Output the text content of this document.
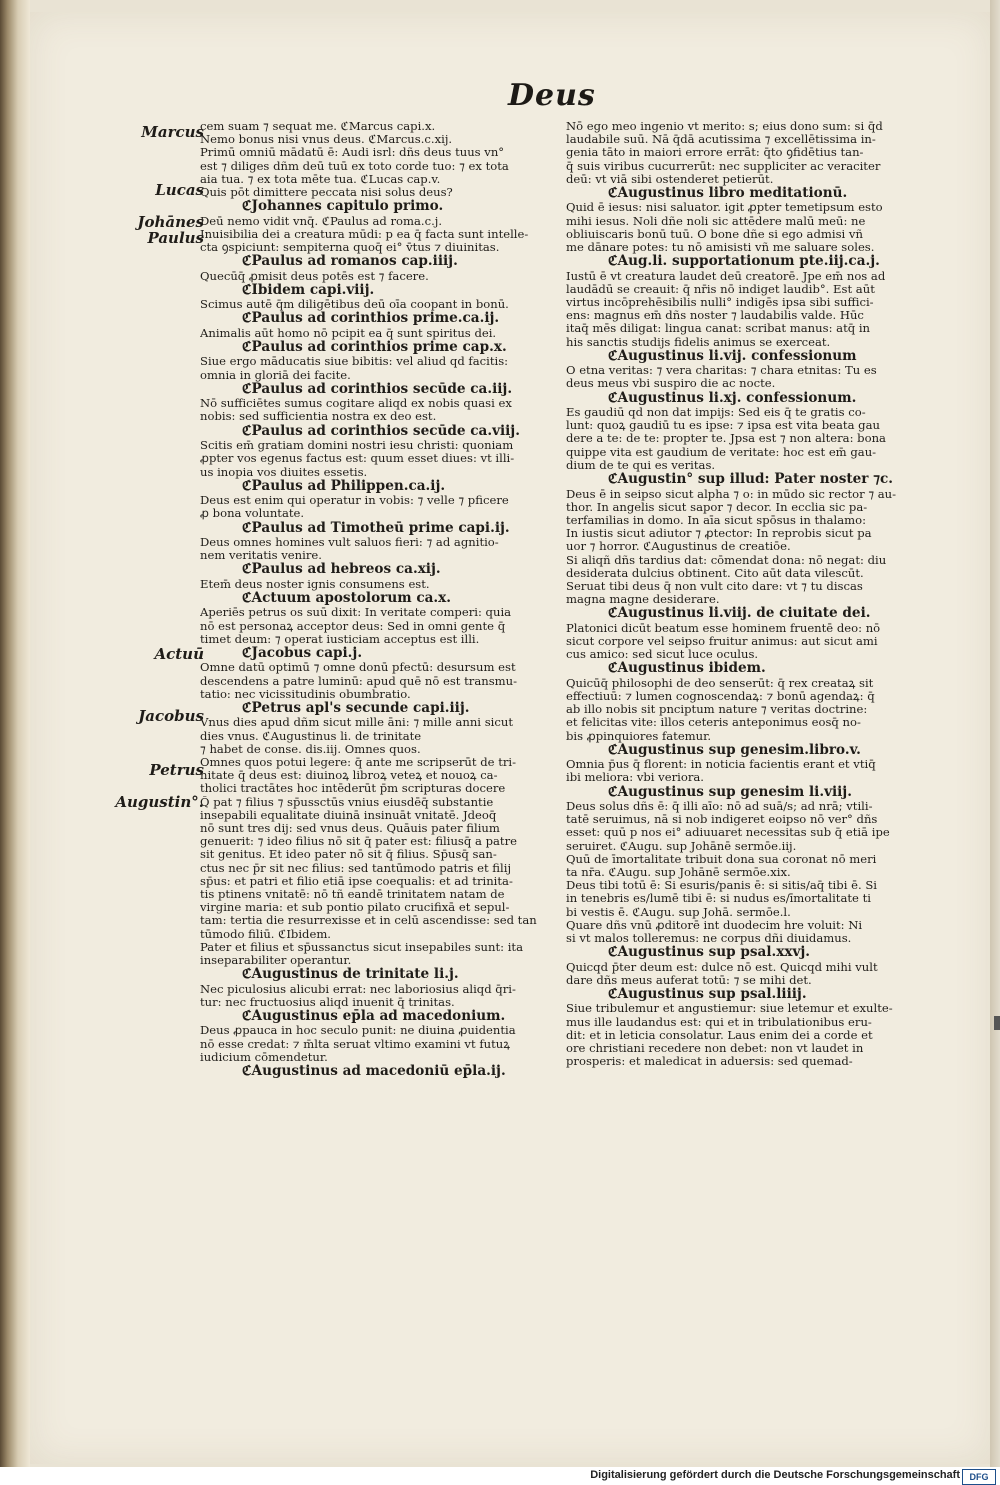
Deus
Marcus
Lucas
Johānes
Paulus
Actuū
Jacobus
Petrus
Augustin°.
cem suam ⁊ sequat me. ℭMarcus capi.x.
Nemo bonus nisi vnus deus. ℭMarcus.c.xij.
Primū omniū mādatū ē: Audi isrl: dñs deus tuus vn°
est ⁊ diliges dñm deū tuū ex toto corde tuo: ⁊ ex tota
aia tua. ⁊ ex tota mēte tua. ℭLucas cap.v.
Quis pōt dimittere peccata nisi solus deus?
ℭJohannes capitulo primo.
Deū nemo vidit vnq̄. ℭPaulus ad roma.c.j.
Inuisibilia dei a creatura mūdi: p ea q̄ facta sunt intelle-
cta ꝯspiciunt: sempiterna quoq̄ ei° v̄tus ⁊ diuinitas.
ℭPaulus ad romanos cap.iiij.
Quecūq̄ ꝓmisit deus potēs est ⁊ facere.
ℭIbidem capi.viij.
Scimus autē q̄m diligētibus deū oīa coopant in bonū.
ℭPaulus ad corinthios prime.ca.ij.
Animalis aūt homo nō pcipit ea q̄ sunt spiritus dei.
ℭPaulus ad corinthios prime cap.x.
Siue ergo māducatis siue bibitis: vel aliud qd facitis:
omnia in gloriā dei facite.
ℭPaulus ad corinthios secūde ca.iij.
Nō sufficiētes sumus cogitare aliqd ex nobis quasi ex
nobis: sed sufficientia nostra ex deo est.
ℭPaulus ad corinthios secūde ca.viij.
Scitis em̄ gratiam domini nostri iesu christi: quoniam
ꝓpter vos egenus factus est: quum esset diues: vt illi-
us inopia vos diuites essetis.
ℭPaulus ad Philippen.ca.ij.
Deus est enim qui operatur in vobis: ⁊ velle ⁊ pficere
ꝓ bona voluntate.
ℭPaulus ad Timotheū prime capi.ij.
Deus omnes homines vult saluos fieri: ⁊ ad agnitio-
nem veritatis venire.
ℭPaulus ad hebreos ca.xij.
Etem̄ deus noster ignis consumens est.
ℭActuum apostolorum ca.x.
Aperiēs petrus os suū dixit: In veritate comperi: quia
nō est personaꝝ acceptor deus: Sed in omni gente q̄
timet deum: ⁊ operat iusticiam acceptus est illi.
ℭJacobus capi.j.
Omne datū optimū ⁊ omne donū pfectū: desursum est
descendens a patre luminū: apud quē nō est transmu-
tatio: nec vicissitudinis obumbratio.
ℭPetrus apl's secunde capi.iij.
Vnus dies apud dñm sicut mille āni: ⁊ mille anni sicut
dies vnus. ℭAugustinus li. de trinitate
⁊ habet̄ de conse. dis.iij. Omnes quos.
Omnes quos potui legere: q̄ ante me scripserūt de tri-
nitate q̄ deus est: diuinoꝝ libroꝝ veteꝝ et nouoꝝ ca-
tholici tractātes hoc intēderūt p̄m scripturas docere
Q̄ pat̄ ⁊ filius ⁊ sp̄ussctūs vnius eiusdēq̄ substantie
insepabili equalitate diuinā insinuāt vnitatē. Jdeoq̄
nō sunt tres dij: sed vnus deus. Quāuis pater filium
genuerit: ⁊ ideo filius nō sit q̄ pater est: filiusq̄ a patre
sit genitus. Et ideo pater nō sit q̄ filius. Sp̄usq̄ san-
ctus nec p̄r sit nec filius: sed tantūmodo patris et filij
sp̄us: et patri et filio etiā ipse coequalis: et ad trinita-
tis ptinens vnitatē: nō tñ eandē trinitatem natam de
virgine maria: et sub pontio pilato crucifixā et sepul-
tam: tertia die resurrexisse et in celū ascendisse: sed tan
tūmodo filiū. ℭIbidem.
Pater et filius et sp̄ussanctus sicut insepabiles sunt: ita
inseparabiliter operantur.
ℭAugustinus de trinitate li.j.
Nec piculosius alicubi errat̄: nec laboriosius aliqd q̄ri-
tur: nec fructuosius aliqd inuenit̄ q̄ trinitas.
ℭAugustinus ep̄la ad macedonium.
Deus ꝓpauca in hoc seculo punit: ne diuina ꝓuidentia
nō esse credat̄: ⁊ m̄lta seruat vltimo examini vt futuꝝ
iudicium cōmendetur.
ℭAugustinus ad macedoniū ep̄la.ij.
Nō ego meo ingenio vt merito: s; eius dono sum: si q̄d
laudabile suū. Nā q̄dā acutissima ⁊ excellētissima in-
genia tāto in maiori errore errāt: q̄to ꝯfidētius tan-
q̄ suis viribus cucurrerūt: nec suppliciter ac veraciter
deū: vt viā sibi ostenderet petierūt.
ℭAugustinus libro meditationū.
Quid ē iesus: nisi saluator. igit̄ ꝓpter temetipsum esto
mihi iesus. Noli dñe noli sic attēdere malū meū: ne
obliuiscaris bonū tuū. O bone dñe si ego admisi vñ
me dānare potes: tu nō amisisti vñ me saluare soles.
ℭAug.li. supportationum pte.iij.ca.j.
Iustū ē vt creatura laudet deū creatorē. Jpe em̄ nos ad
laudādū se creauit: q̄ nr̄is nō indiget laudib°. Est aūt
virtus incōprehēsibilis nulli° indigēs ipsa sibi suffici-
ens: magnus em̄ dñs noster ⁊ laudabilis valde. Hūc
itaq̄ mēs diligat: lingua canat: scribat manus: atq̄ in
his sanctis studijs fidelis animus se exerceat.
ℭAugustinus li.vij. confessionum
O et̄na veritas: ⁊ vera charitas: ⁊ chara et̄nitas: Tu es
deus meus vbi suspiro die ac nocte.
ℭAugustinus li.xj. confessionum.
Es gaudiū qd̄ non dat̄ impijs: Sed eis q̄ te gratis co-
lunt: quoꝝ gaudiū tu es ipse: ⁊ ipsa est vita beata gau
dere a te: de te: propter te. Jpsa est ⁊ non altera: bona
quippe vita est gaudium de veritate: hoc est em̄ gau-
dium de te qui es veritas.
ℭAugustin° sup illud: Pater noster ⁊c.
Deus ē in seipso sicut alpha ⁊ o: in mūdo sic rector ⁊ au-
thor. In angelis sicut sapor ⁊ decor. In ecclia sic pa-
terfamilias in domo. In aīa sicut spōsus in thalamo:
In iustis sicut adiutor ⁊ ꝓtector: In reprobis sicut pa
uor ⁊ horror. ℭAugustinus de creatiōe.
Si aliqñ dñs tardius dat: cōmendat dona: nō negat: diu
desiderata dulcius obtinent̄. Cito aūt data vilescūt.
Seruat tibi deus q̄ non vult cito dare: vt ⁊ tu discas
magna magne desiderare.
ℭAugustinus li.viij. de ciuitate dei.
Platonici dicūt beatum esse hominem fruentē deo: nō
sicut corpore vel seipso fruitur animus: aut sicut ami
cus amico: sed sicut luce oculus.
ℭAugustinus ibidem.
Quicūq̄ philosophi de deo senserūt: q̄ rex creataꝝ sit
effectiuū: ⁊ lumen cognoscendaꝝ: ⁊ bonū agendaꝝ: q̄
ab illo nobis sit pnciptum nature ⁊ veritas doctrine:
et felicitas vite: illos ceteris anteponimus eosq̄ no-
bis ꝓpinquiores fatemur.
ℭAugustinus sup genesim.libro.v.
Omnia p̄us q̄ florent: in noticia facientis erant et vtiq̄
ibi meliora: vbi veriora.
ℭAugustinus sup genesim li.viij.
Deus solus dñs ē: q̄ illi aīo: nō ad suā/s; ad nrā; vtili-
tatē seruimus, nā si nob indigeret eoipso nō ver° dñs
esset: quū p nos ei° adiuuaret necessitas sub q̄ etiā ipe
seruiret. ℭAugu. sup Johānē sermōe.iij.
Quū de īmortalitate tribuit dona sua coronat nō meri
ta nr̄a. ℭAugu. sup Johānē sermōe.xix.
Deus tibi totū ē: Si esuris/panis ē: si sitis/aq̄ tibi ē. Si
in tenebris es/lumē tibi ē: si nudus es/īmortalitate ti
bi vestis ē. ℭAugu. sup Johā. sermōe.l.
Quare dñs vnū ꝓditorē int̄ duodecim h̄re voluit: Ni
si vt malos tolleremus: ne corpus dñi diuidamus.
ℭAugustinus sup psal.xxvj.
Quicqd p̄ter deum est: dulce nō est. Quicqd mihi vult
dare dñs meus auferat totū: ⁊ se mihi det.
ℭAugustinus sup psal.liiij.
Siue tribulemur et angustiemur: siue letemur et exulte-
mus ille laudandus est: qui et in tribulationibus eru-
dit: et in leticia consolatur. Laus enim dei a corde et
ore christiani recedere non debet: non vt laudet in
prosperis: et maledicat in aduersis: sed quemad-
Digitalisierung gefördert durch die Deutsche Forschungsgemeinschaft	DFG
